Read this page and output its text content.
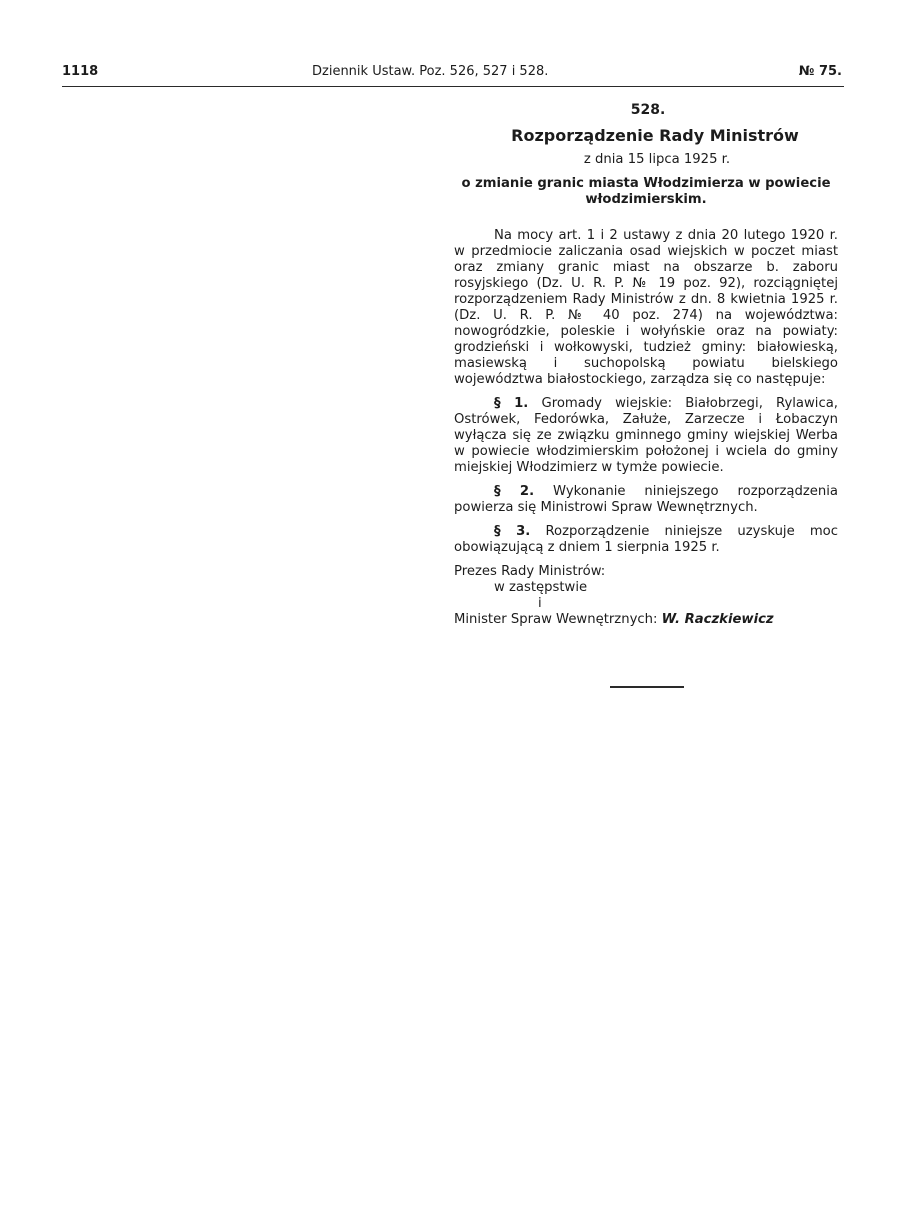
1118	Dziennik Ustaw. Poz. 526, 527 i 528.	№ 75.
528.
Rozporządzenie Rady Ministrów
z dnia 15 lipca 1925 r.
o zmianie granic miasta Włodzimierza w powiecie włodzimierskim.

Na mocy art. 1 i 2 ustawy z dnia 20 lutego 1920 r. w przedmiocie zaliczania osad wiejskich w poczet miast oraz zmiany granic miast na obszarze b. zaboru rosyjskiego (Dz. U. R. P. № 19 poz. 92), rozciągniętej rozporządzeniem Rady Ministrów z dn. 8 kwietnia 1925 r. (Dz. U. R. P. № 40 poz. 274) na województwa: nowogródzkie, poleskie i wołyńskie oraz na powiaty: grodzieński i wołkowyski, tudzież gminy: białowieską, masiewską i suchopolską powiatu bielskiego województwa białostockiego, zarządza się co następuje:

§ 1. Gromady wiejskie: Białobrzegi, Rylawica, Ostrówek, Fedorówka, Załuże, Zarzecze i Łobaczyn wyłącza się ze związku gminnego gminy wiejskiej Werba w powiecie włodzimierskim położonej i wciela do gminy miejskiej Włodzimierz w tymże powiecie.

§ 2. Wykonanie niniejszego rozporządzenia powierza się Ministrowi Spraw Wewnętrznych.

§ 3. Rozporządzenie niniejsze uzyskuje moc obowiązującą z dniem 1 sierpnia 1925 r.

Prezes Rady Ministrów:
w zastępstwie
i
Minister Spraw Wewnętrznych: W. Raczkiewicz
